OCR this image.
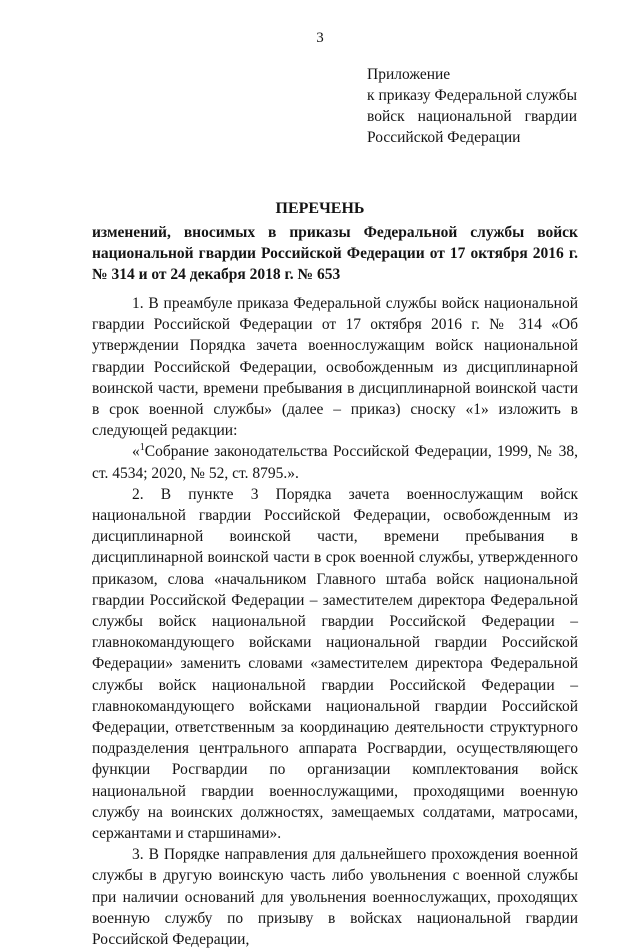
3
Приложение
к приказу Федеральной службы
войск национальной гвардии
Российской Федерации
ПЕРЕЧЕНЬ
изменений, вносимых в приказы Федеральной службы войск национальной гвардии Российской Федерации от 17 октября 2016 г. № 314 и от 24 декабря 2018 г. № 653

1. В преамбуле приказа Федеральной службы войск национальной гвардии Российской Федерации от 17 октября 2016 г. № 314 «Об утверждении Порядка зачета военнослужащим войск национальной гвардии Российской Федерации, освобожденным из дисциплинарной воинской части, времени пребывания в дисциплинарной воинской части в срок военной службы» (далее – приказ) сноску «1» изложить в следующей редакции:

«$^1$Собрание законодательства Российской Федерации, 1999, № 38, ст. 4534; 2020, № 52, ст. 8795.».

2. В пункте 3 Порядка зачета военнослужащим войск национальной гвардии Российской Федерации, освобожденным из дисциплинарной воинской части, времени пребывания в дисциплинарной воинской части в срок военной службы, утвержденного приказом, слова «начальником Главного штаба войск национальной гвардии Российской Федерации – заместителем директора Федеральной службы войск национальной гвардии Российской Федерации – главнокомандующего войсками национальной гвардии Российской Федерации» заменить словами «заместителем директора Федеральной службы войск национальной гвардии Российской Федерации – главнокомандующего войсками национальной гвардии Российской Федерации, ответственным за координацию деятельности структурного подразделения центрального аппарата Росгвардии, осуществляющего функции Росгвардии по организации комплектования войск национальной гвардии военнослужащими, проходящими военную службу на воинских должностях, замещаемых солдатами, матросами, сержантами и старшинами».

3. В Порядке направления для дальнейшего прохождения военной службы в другую воинскую часть либо увольнения с военной службы при наличии оснований для увольнения военнослужащих, проходящих военную службу по призыву в войсках национальной гвардии Российской Федерации,
